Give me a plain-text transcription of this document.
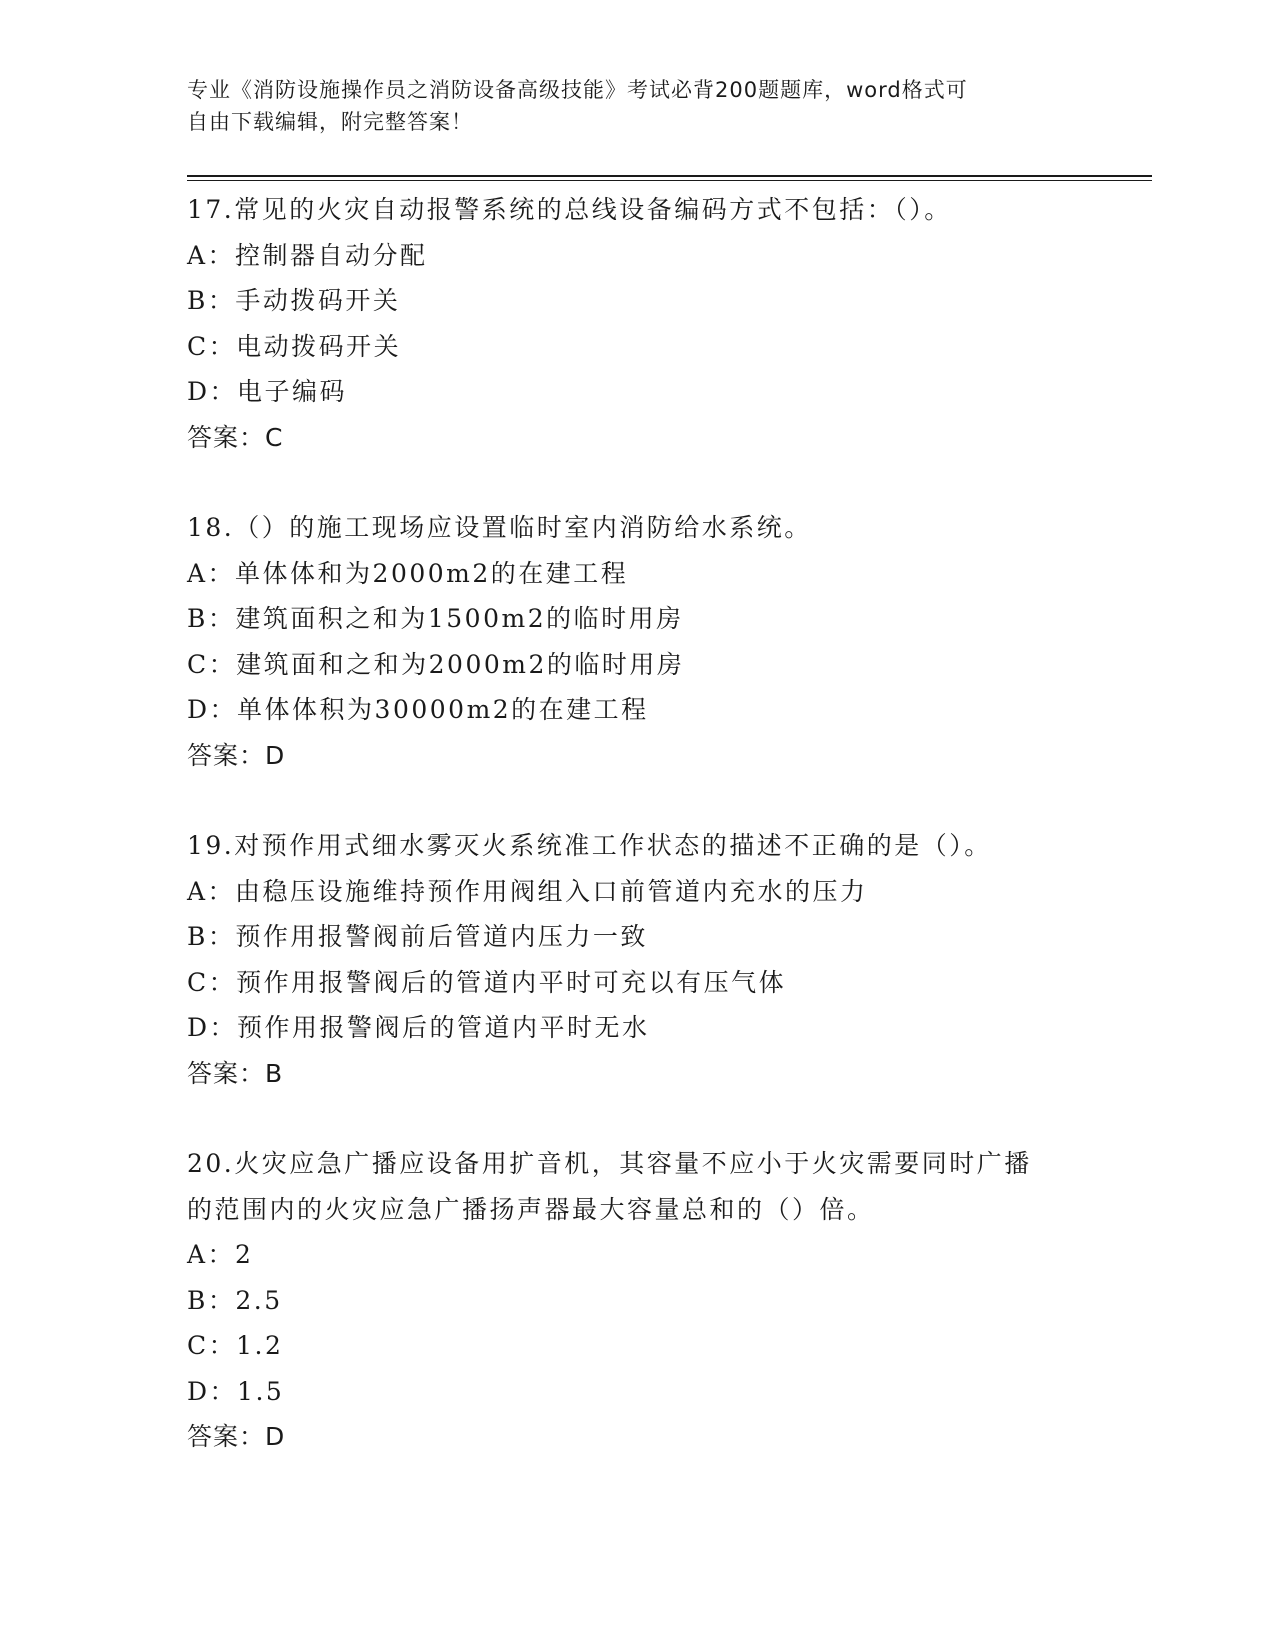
专业《消防设施操作员之消防设备高级技能》考试必背200题题库，word格式可
自由下载编辑，附完整答案！
17.常见的火灾自动报警系统的总线设备编码方式不包括：（）。
A：控制器自动分配
B：手动拨码开关
C：电动拨码开关
D：电子编码
答案：C
18.（）的施工现场应设置临时室内消防给水系统。
A：单体体和为2000m2的在建工程
B：建筑面积之和为1500m2的临时用房
C：建筑面和之和为2000m2的临时用房
D：单体体积为30000m2的在建工程
答案：D
19.对预作用式细水雾灭火系统准工作状态的描述不正确的是（）。
A：由稳压设施维持预作用阀组入口前管道内充水的压力
B：预作用报警阀前后管道内压力一致
C：预作用报警阀后的管道内平时可充以有压气体
D：预作用报警阀后的管道内平时无水
答案：B
20.火灾应急广播应设备用扩音机，其容量不应小于火灾需要同时广播
的范围内的火灾应急广播扬声器最大容量总和的（）倍。
A：2
B：2.5
C：1.2
D：1.5
答案：D
